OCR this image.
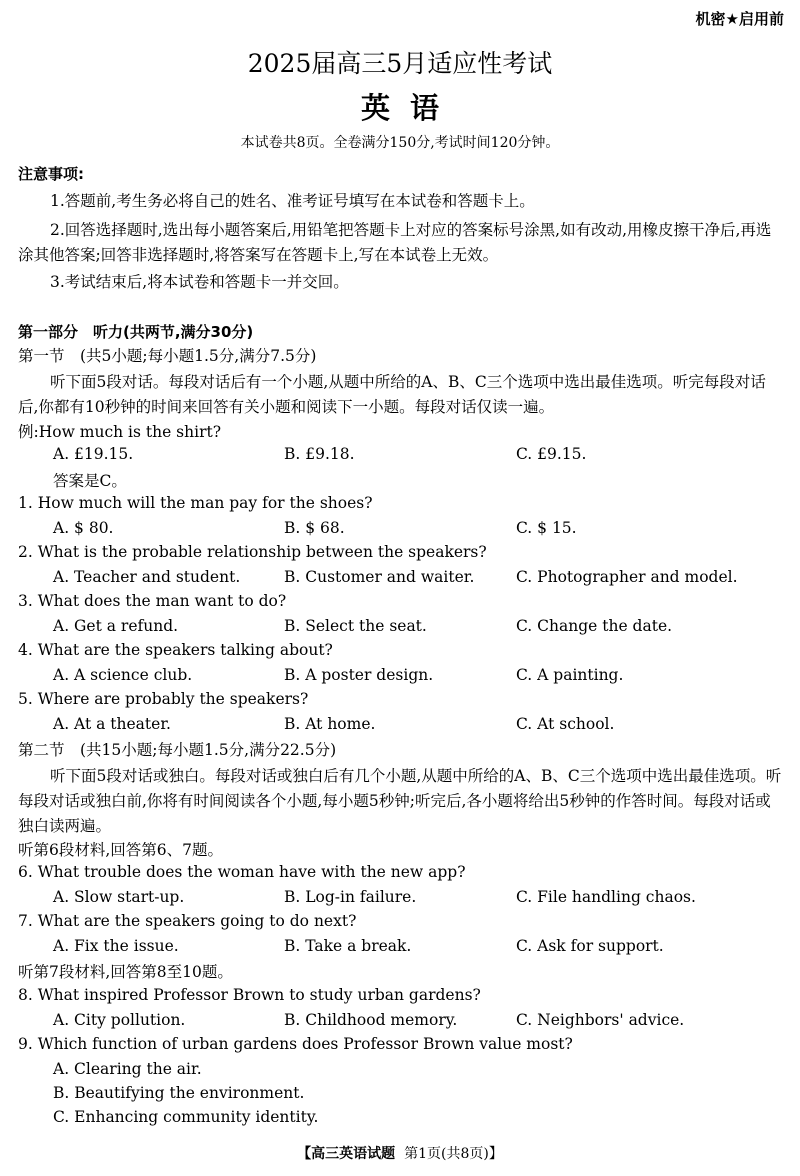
机密★启用前
2025届高三5月适应性考试
英语
本试卷共8页。全卷满分150分,考试时间120分钟。
注意事项:
1.答题前,考生务必将自己的姓名、准考证号填写在本试卷和答题卡上。
2.回答选择题时,选出每小题答案后,用铅笔把答题卡上对应的答案标号涂黑,如有改动,用橡皮擦干净后,再选涂其他答案;回答非选择题时,将答案写在答题卡上,写在本试卷上无效。
3.考试结束后,将本试卷和答题卡一并交回。
第一部分　听力(共两节,满分30分)
第一节　(共5小题;每小题1.5分,满分7.5分)
听下面5段对话。每段对话后有一个小题,从题中所给的A、B、C三个选项中选出最佳选项。听完每段对话后,你都有10秒钟的时间来回答有关小题和阅读下一小题。每段对话仅读一遍。
例:How much is the shirt?
A. £19.15.	B. £9.18.	C. £9.15.
答案是C。
1. How much will the man pay for the shoes?
A. $ 80.	B. $ 68.	C. $ 15.
2. What is the probable relationship between the speakers?
A. Teacher and student.	B. Customer and waiter.	C. Photographer and model.
3. What does the man want to do?
A. Get a refund.	B. Select the seat.	C. Change the date.
4. What are the speakers talking about?
A. A science club.	B. A poster design.	C. A painting.
5. Where are probably the speakers?
A. At a theater.	B. At home.	C. At school.
第二节　(共15小题;每小题1.5分,满分22.5分)
听下面5段对话或独白。每段对话或独白后有几个小题,从题中所给的A、B、C三个选项中选出最佳选项。听每段对话或独白前,你将有时间阅读各个小题,每小题5秒钟;听完后,各小题将给出5秒钟的作答时间。每段对话或独白读两遍。
听第6段材料,回答第6、7题。
6. What trouble does the woman have with the new app?
A. Slow start-up.	B. Log-in failure.	C. File handling chaos.
7. What are the speakers going to do next?
A. Fix the issue.	B. Take a break.	C. Ask for support.
听第7段材料,回答第8至10题。
8. What inspired Professor Brown to study urban gardens?
A. City pollution.	B. Childhood memory.	C. Neighbors' advice.
9. Which function of urban gardens does Professor Brown value most?
A. Clearing the air.
B. Beautifying the environment.
C. Enhancing community identity.
【高三英语试题 第1页(共8页)】
